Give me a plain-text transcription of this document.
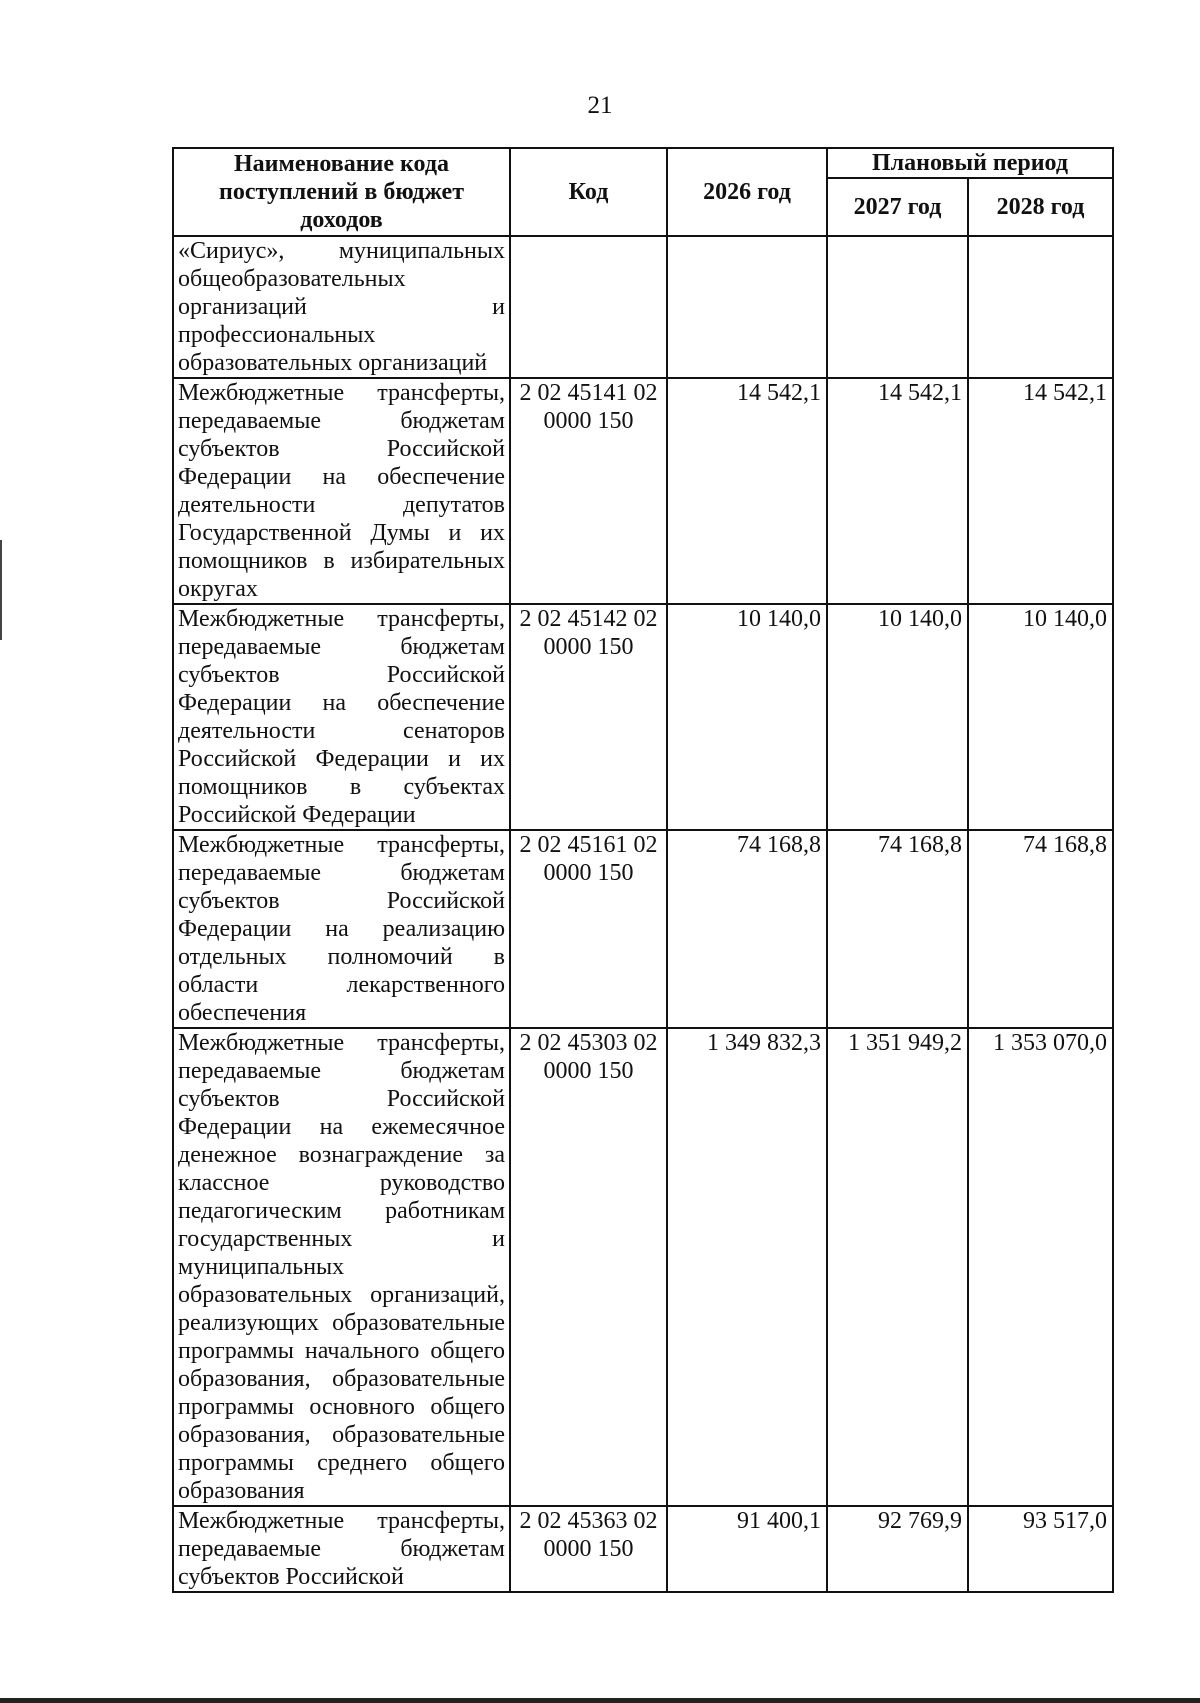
21
Наименование кода поступлений в бюджет доходов	Код	2026 год	Плановый период	
			2027 год	2028 год
«Сириус», муниципальных общеобразовательных организаций и профессиональных образовательных организаций				
Межбюджетные трансферты, передаваемые бюджетам субъектов Российской Федерации на обеспечение деятельности депутатов Государственной Думы и их помощников в избирательных округах	2 02 45141 02 0000 150	14 542,1	14 542,1	14 542,1
Межбюджетные трансферты, передаваемые бюджетам субъектов Российской Федерации на обеспечение деятельности сенаторов Российской Федерации и их помощников в субъектах Российской Федерации	2 02 45142 02 0000 150	10 140,0	10 140,0	10 140,0
Межбюджетные трансферты, передаваемые бюджетам субъектов Российской Федерации на реализацию отдельных полномочий в области лекарственного обеспечения	2 02 45161 02 0000 150	74 168,8	74 168,8	74 168,8
Межбюджетные трансферты, передаваемые бюджетам субъектов Российской Федерации на ежемесячное денежное вознаграждение за классное руководство педагогическим работникам государственных и муниципальных образовательных организаций, реализующих образовательные программы начального общего образования, образовательные программы основного общего образования, образовательные программы среднего общего образования	2 02 45303 02 0000 150	1 349 832,3	1 351 949,2	1 353 070,0
Межбюджетные трансферты, передаваемые бюджетам субъектов Российской	2 02 45363 02 0000 150	91 400,1	92 769,9	93 517,0
